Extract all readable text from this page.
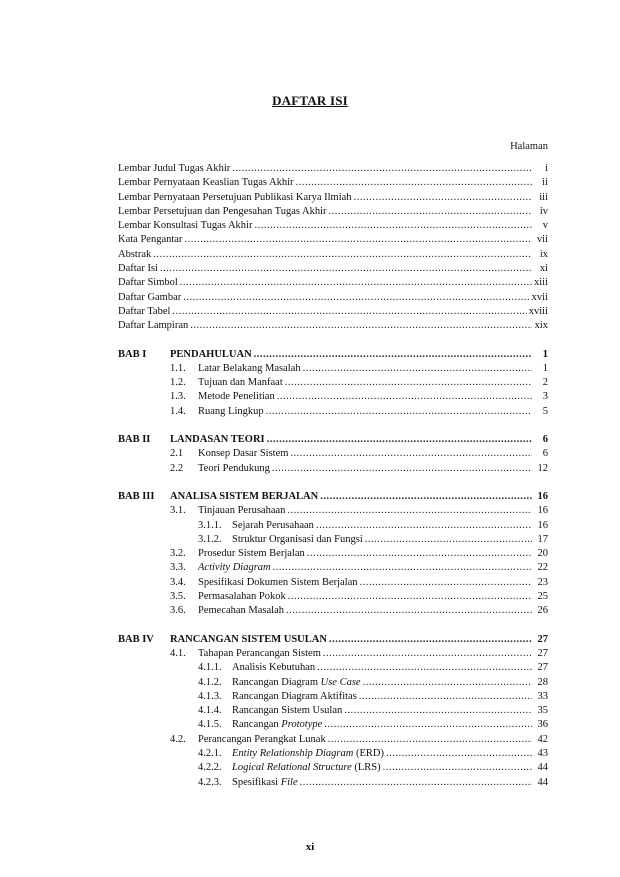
DAFTAR ISI
Halaman
Lembar Judul Tugas Akhir .....	i
Lembar Pernyataan Keaslian Tugas Akhir .....	ii
Lembar Pernyataan Persetujuan Publikasi Karya Ilmiah .....	iii
Lembar Persetujuan dan Pengesahan Tugas Akhir .....	iv
Lembar Konsultasi Tugas Akhir .....	v
Kata Pengantar .....	vii
Abstrak .....	ix
Daftar Isi .....	xi
Daftar Simbol .....	xiii
Daftar Gambar .....	xvii
Daftar Tabel .....	xviii
Daftar Lampiran .....	xix
BAB I PENDAHULUAN .....	1
1.1. Latar Belakang Masalah .....	1
1.2. Tujuan dan Manfaat .....	2
1.3. Metode Penelitian .....	3
1.4. Ruang Lingkup .....	5
BAB II LANDASAN TEORI .....	6
2.1 Konsep Dasar Sistem .....	6
2.2 Teori Pendukung .....	12
BAB III ANALISA SISTEM BERJALAN .....	16
3.1. Tinjauan Perusahaan .....	16
3.1.1. Sejarah Perusahaan .....	16
3.1.2. Struktur Organisasi dan Fungsi .....	17
3.2. Prosedur Sistem Berjalan .....	20
3.3. Activity Diagram .....	22
3.4. Spesifikasi Dokumen Sistem Berjalan .....	23
3.5. Permasalahan Pokok .....	25
3.6. Pemecahan Masalah .....	26
BAB IV RANCANGAN SISTEM USULAN .....	27
4.1. Tahapan Perancangan Sistem .....	27
4.1.1. Analisis Kebutuhan .....	27
4.1.2. Rancangan Diagram Use Case .....	28
4.1.3. Rancangan Diagram Aktifitas .....	33
4.1.4. Rancangan Sistem Usulan .....	35
4.1.5. Rancangan Prototype .....	36
4.2. Perancangan Perangkat Lunak .....	42
4.2.1. Entity Relationship Diagram (ERD) .....	43
4.2.2. Logical Relational Structure (LRS) .....	44
4.2.3. Spesifikasi File .....	44
xi
